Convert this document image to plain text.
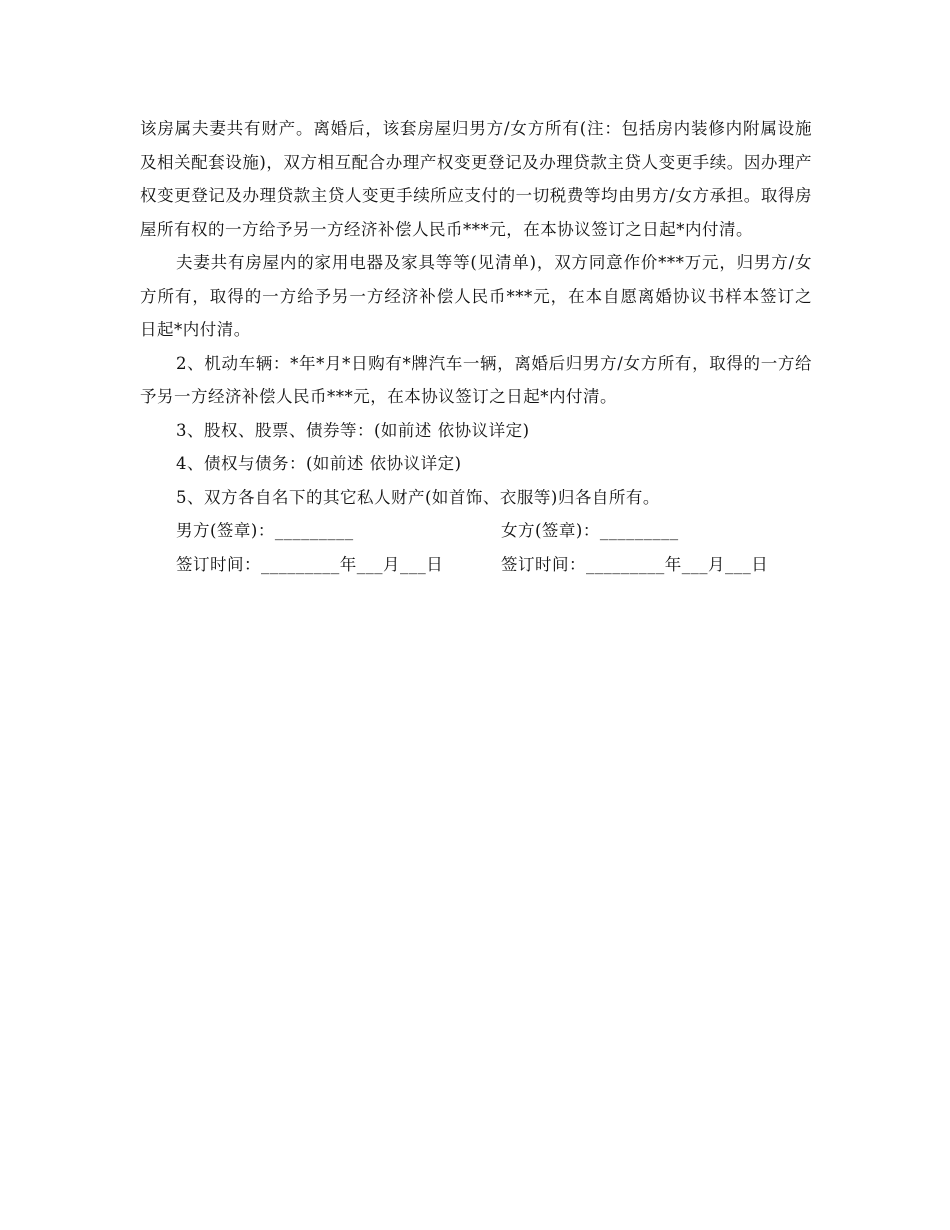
该房属夫妻共有财产。离婚后，该套房屋归男方/女方所有(注：包括房内装修内附属设施及相关配套设施)，双方相互配合办理产权变更登记及办理贷款主贷人变更手续。因办理产权变更登记及办理贷款主贷人变更手续所应支付的一切税费等均由男方/女方承担。取得房屋所有权的一方给予另一方经济补偿人民币***元，在本协议签订之日起*内付清。

夫妻共有房屋内的家用电器及家具等等(见清单)，双方同意作价***万元，归男方/女方所有，取得的一方给予另一方经济补偿人民币***元，在本自愿离婚协议书样本签订之日起*内付清。

2、机动车辆：*年*月*日购有*牌汽车一辆，离婚后归男方/女方所有，取得的一方给予另一方经济补偿人民币***元，在本协议签订之日起*内付清。

3、股权、股票、债券等：(如前述 依协议详定)

4、债权与债务：(如前述 依协议详定)

5、双方各自名下的其它私人财产(如首饰、衣服等)归各自所有。

男方(签章)：_________	女方(签章)：_________
签订时间：_________年___月___日	签订时间：_________年___月___日
